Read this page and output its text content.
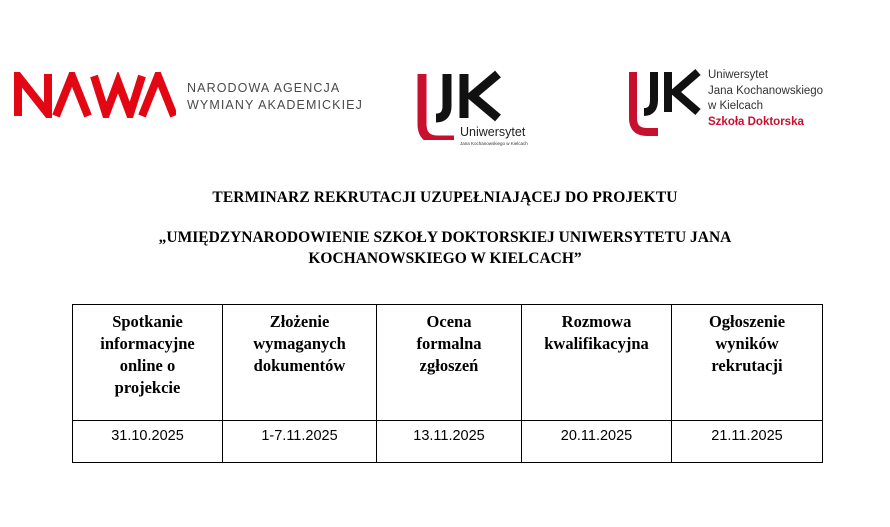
NARODOWA AGENCJA
WYMIANY AKADEMICKIEJ
Uniwersytet
Jana Kochanowskiego w Kielcach
Uniwersytet
Jana Kochanowskiego
w Kielcach
Szkoła Doktorska
TERMINARZ REKRUTACJI UZUPEŁNIAJĄCEJ DO PROJEKTU
„UMIĘDZYNARODOWIENIE SZKOŁY DOKTORSKIEJ UNIWERSYTETU JANA KOCHANOWSKIEGO W KIELCACH”
Spotkanie informacyjne online o projekcie	Złożenie wymaganych dokumentów	Ocena formalna zgłoszeń	Rozmowa kwalifikacyjna	Ogłoszenie wyników rekrutacji

31.10.2025	1-7.11.2025	13.11.2025	20.11.2025	21.11.2025
